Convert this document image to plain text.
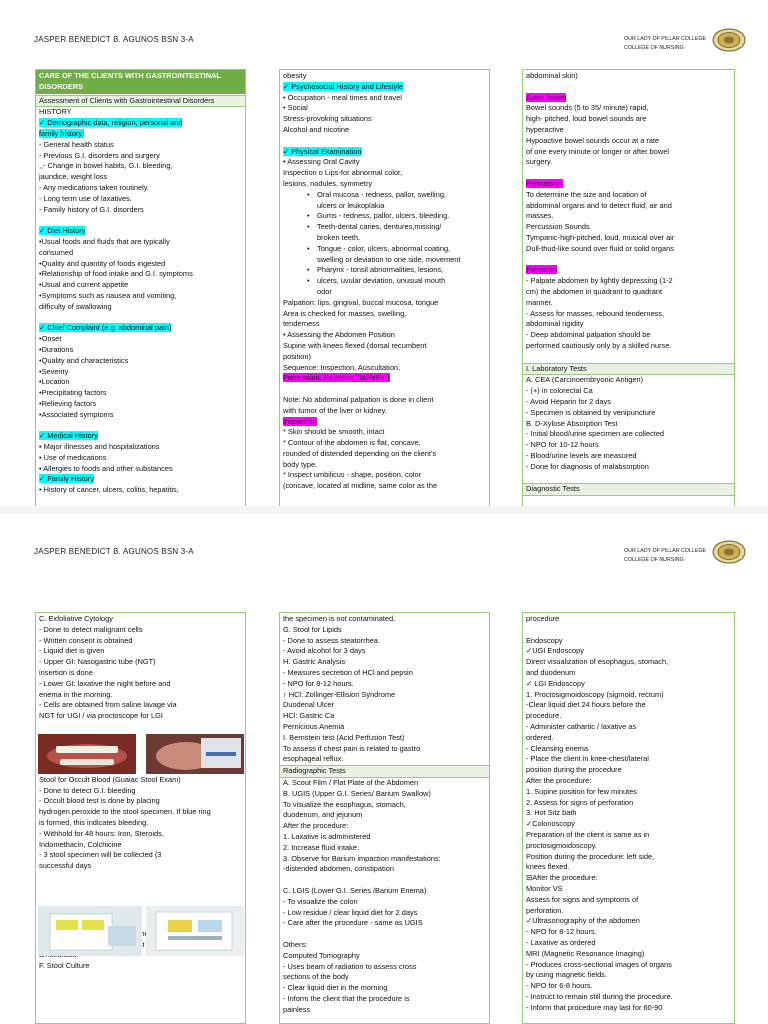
JASPER BENEDICT B. AGUNOS BSN 3-A	OUR LADY OF PILLAR COLLEGE
COLLEGE OF NURSING
CARE OF THE CLIENTS WITH GASTROINTESTINAL
DISORDERS
Assessment of Clients with Gastrointestinal Disorders
HISTORY
✓ Demographic data, religion, personal and
family history:
- General health status
- Previous G.I. disorders and surgery
,,- Change in bowel habits, G.I. bleeding,
jaundice, weight loss
- Any medications taken routinely.
- Long term use of laxatives.
- Family history of G.I. disorders
✓ Diet History
•Usual foods and fluids that are typically
consumed
•Quality and quantity of foods ingested
•Relationship of food intake and G.I. symptoms
•Usual and current appetite
•Symptoms such as nausea and vomiting,
difficulty of swallowing
✓ Chief Complaint (e.g. abdominal pain)
•Onset
•Durations
•Quality and characteristics
•Severity
•Location
•Precipitating factors
•Relieving factors
•Associated symptoms
✓ Medical History
• Major illnesses and hospitalizations
• Use of medications
• Allergies to foods and other substances
✓ Family History
• History of cancer, ulcers, colitis, hepatitis,
obesity
✓ Psychosocial History and Lifestyle
• Occupation - meal times and travel
• Social
Stress-provoking situations
Alcohol and nicotine
✓ Physical Examination
• Assessing Oral Cavity
Inspection o Lips-for abnormal color,
lesions, nodules, symmetry
• Oral mucosa - redness, pallor, swelling,
ulcers or leukoplakia
• Gums - redness, pallor, ulcers, bleeding.
• Teeth-dental caries, dentures,missing/
broken teeth.
• Tongue - color, ulcers, abnormal coating,
swelling or deviation to one side, movement
• Pharynx - tonsil abnormalities, lesions,
• ulcers, uvular deviation, unusual mouth
odor
Palpation: lips, gingival, buccal mucosa, tongue
Area is checked for masses, swelling,
tenderness
• Assessing the Abdomen Position
Supine with knees flexed (dorsal recumbent
position)
Sequence: Inspection, Auscultation,
Percussion, Palpation("IAPePa")
Note: No abdominal palpation is done in client
with tumor of the liver or kidney.
Inspection
* Skin should be smooth, intact
* Contour of the abdomen is flat, concave,
rounded of distended depending on the client's
body type.
* Inspect umbilicus - shape, position, color
(concave, located at midline, same color as the
abdominal skin)
Auscultation
Bowel sounds (5 to 35/ minute) rapid,
high- pitched, loud bowel sounds are
hyperactive
Hypoactive bowel sounds occur at a rate
of one every minute or longer or after bowel
surgery.
Percussion
To determine the size and location of
abdominal organs and to detect fluid, air and
masses.
Percussion Sounds
Tympanic-high-pitched, loud, musical over air
Dull-thud-like sound over fluid or solid organs
Palpation
- Palpate abdomen by lightly depressing (1-2
cm) the abdomen in quadrant to quadrant
manner.
- Assess for masses, rebound tenderness,
abdominal rigidity
- Deep abdominal palpation should be
performed cautiously only by a skilled nurse.
I. Laboratory Tests
A. CEA (Carcinoembryonic Antigen)
- (+) in colorectal Ca
- Avoid Heparin for 2 days
- Specimen is obtained by venipuncture
B. D-Xylose Absorption Test
- Initial blood/urine specimen are collected
- NPO for 10-12 hours
- Blood/urine levels are measured
- Done for diagnosis of malabsorption
Diagnostic Tests
JASPER BENEDICT B. AGUNOS BSN 3-A	OUR LADY OF PILLAR COLLEGE
COLLEGE OF NURSING
C. Exfoliative Cytology
- Done to detect malignant cells
- Written consent is obtained
- Liquid diet is given
- Upper GI: Nasogastric tube (NGT)
insertion is done
- Lower GI: laxative the night before and
enema in the morning.
- Cells are obtained from saline lavage via
NGT for UGI / via proctoscope for LGI
Stool for Occult Blood (Guaiac Stool Exam)
- Done to detect G.I. bleeding
- Occult blood test is done by placing
hydrogen peroxide to the stool specimen. If blue ring
is formed, this indicates bleeding.
- Withhold for 48 hours: Iron, Steroids,
Indomethacin, Colchicine
- 3 stool specimen will be collected (3
successful days
F. Stool Culture
the specimen is not contaminated.
G. Stool for Lipids
- Done to assess steatorrhea.
- Avoid alcohol for 3 days
H. Gastric Analysis
- Measures secretion of HCl and pepsin
- NPO for 8-12 hours.
↑ HCl: Zollinger-Ellision Syndrome
Duodenal Ulcer
HCl: Gastric Ca
Pernicious Anemia
I. Bernstein test (Acid Perfusion Test)
To assess if chest pain is related to gastro
esophageal reflux.
Radiographic Tests
A. Scout Film / Flat Plate of the Abdomen
B. UGIS (Upper G.I. Series/ Barium Swallow)
To visualize the esophagus, stomach,
duodenum, and jejunum
After the procedure:
1. Laxative is administered
2. Increase fluid intake.
3. Observe for Barium impaction manifestations:
-distended abdomen, constipation
C. LGIS (Lower G.I. Series /Barium Enema)
- To visualize the colon
- Low residue / clear liquid diet for 2 days
- Care after the procedure - same as UGIS
Others:
Computed Tomography
- Uses beam of radiation to assess cross
sections of the body
- Clear liquid diet in the morning
- Inform the client that the procedure is
painless
procedure
Endoscopy
✓UGI Endoscopy
Direct visualization of esophagus, stomach,
and duodenum
✓ LGI Endoscopy
1. Proctosigmoidoscopy (sigmoid, rectum)
-Clear liquid diet 24 hours before the
procedure.
- Administer cathartic / laxative as
ordered.
- Cleansing enema.
- Place the client in knee-chest/lateral
position during the procedure
After the procedure:
1. Supine position for few minutes
2. Assess for signs of perforation
3. Hot Sitz bath
✓Colonoscopy
Preparation of the client is same as in
proctosigmoidoscopy.
Position during the procedure: left side,
knees flexed.
⊟After the procedure:
Monitor VS
Assess for signs and symptoms of
perforation.
✓Ultrasonography of the abdomen
- NPO for 8-12 hours.
- Laxative as ordered
MRI (Magnetic Resonance Imaging)
- Produces cross-sectional images of organs
by using magnetic fields.
- NPO for 6-8 hours.
- Instruct to remain still during the procedure.
- Inform that procedure may last for 60-90
